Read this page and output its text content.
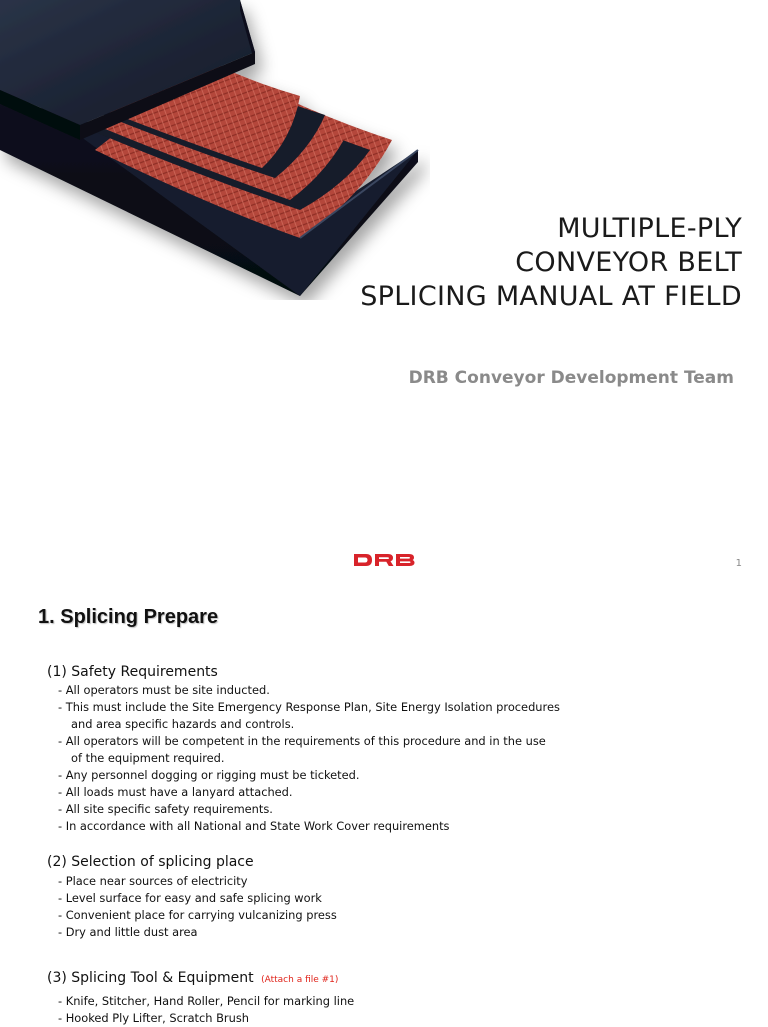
MULTIPLE-PLY
CONVEYOR BELT
SPLICING MANUAL AT FIELD
DRB Conveyor Development Team
1
1. Splicing Prepare
(1) Safety Requirements
- All operators must be site inducted.
- This must include the Site Emergency Response Plan, Site Energy Isolation procedures
and area specific hazards and controls.
- All operators will be competent in the requirements of this procedure and in the use
of the equipment required.
- Any personnel dogging or rigging must be ticketed.
- All loads must have a lanyard attached.
- All site specific safety requirements.
- In accordance with all National and State Work Cover requirements
(2) Selection of splicing place
- Place near sources of electricity
- Level surface for easy and safe splicing work
- Convenient place for carrying vulcanizing press
- Dry and little dust area
(3) Splicing Tool & Equipment (Attach a file #1)
- Knife, Stitcher, Hand Roller, Pencil for marking line
- Hooked Ply Lifter, Scratch Brush
